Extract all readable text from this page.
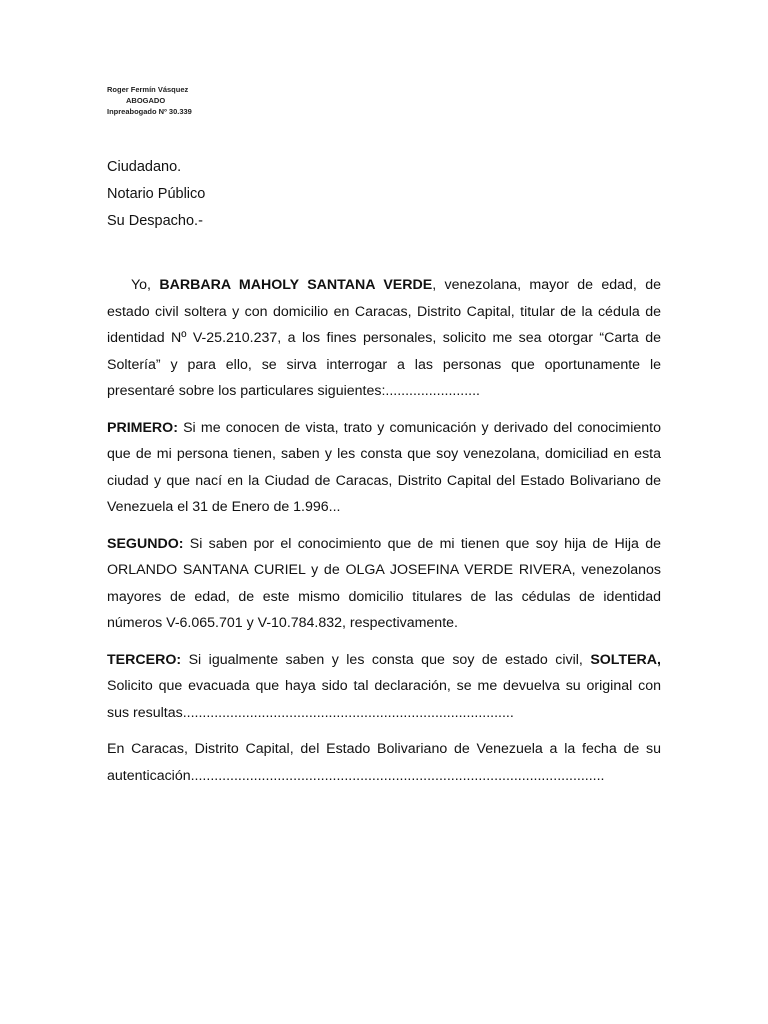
Roger Fermín Vásquez
ABOGADO
Inpreabogado Nº 30.339
Ciudadano.
Notario Público
Su Despacho.-

Yo, BARBARA MAHOLY SANTANA VERDE, venezolana, mayor de edad, de estado civil soltera y con domicilio en Caracas, Distrito Capital, titular de la cédula de identidad Nº V-25.210.237, a los fines personales, solicito me sea otorgar “Carta de Soltería” y para ello, se sirva interrogar a las personas que oportunamente le presentaré sobre los particulares siguientes:........................

PRIMERO: Si me conocen de vista, trato y comunicación y derivado del conocimiento que de mi persona tienen, saben y les consta que soy venezolana, domiciliad en esta ciudad y que nací en la Ciudad de Caracas, Distrito Capital del Estado Bolivariano de Venezuela el 31 de Enero de 1.996...

SEGUNDO: Si saben por el conocimiento que de mi tienen que soy hija de Hija de ORLANDO SANTANA CURIEL y de OLGA JOSEFINA VERDE RIVERA, venezolanos mayores de edad, de este mismo domicilio titulares de las cédulas de identidad números V-6.065.701 y V-10.784.832, respectivamente.

TERCERO: Si igualmente saben y les consta que soy de estado civil, SOLTERA, Solicito que evacuada que haya sido tal declaración, se me devuelva su original con sus resultas....................................................................................

En Caracas, Distrito Capital, del Estado Bolivariano de Venezuela a la fecha de su autenticación.........................................................................................................
